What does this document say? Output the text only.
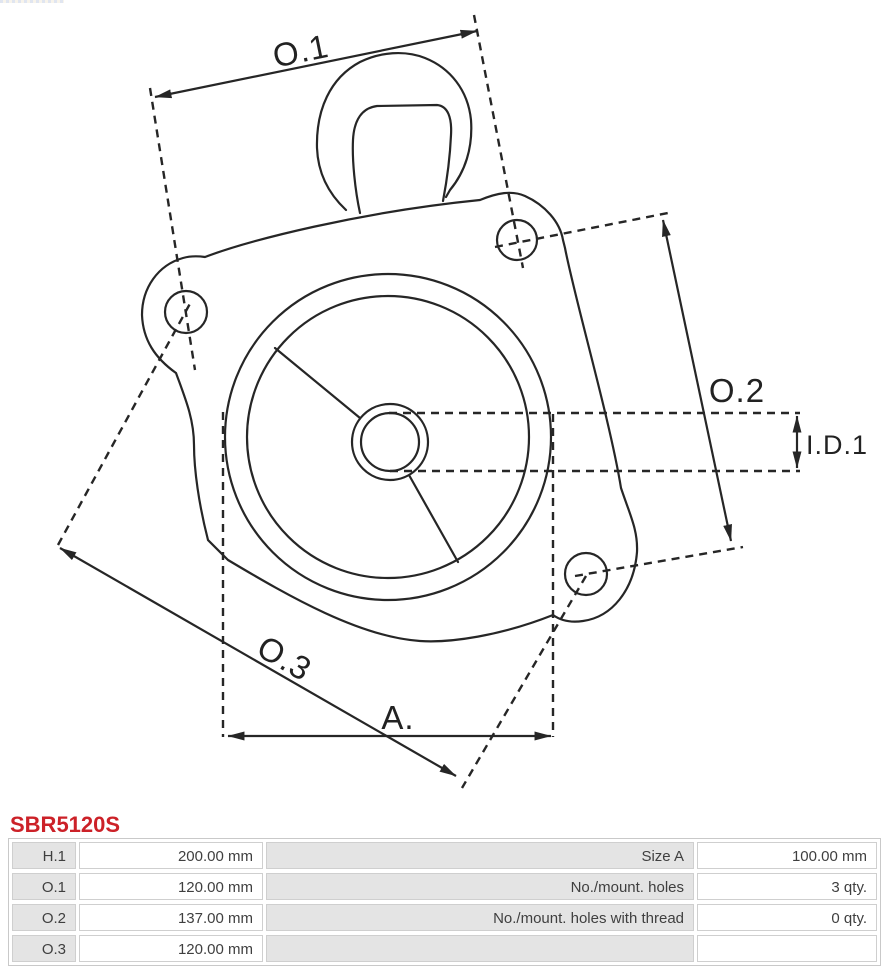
O.1
O.2
O.3
A.
I.D.1
SBR5120S
H.1	200.00 mm	Size A	100.00 mm
O.1	120.00 mm	No./mount. holes	3 qty.
O.2	137.00 mm	No./mount. holes with thread	0 qty.
O.3	120.00 mm
